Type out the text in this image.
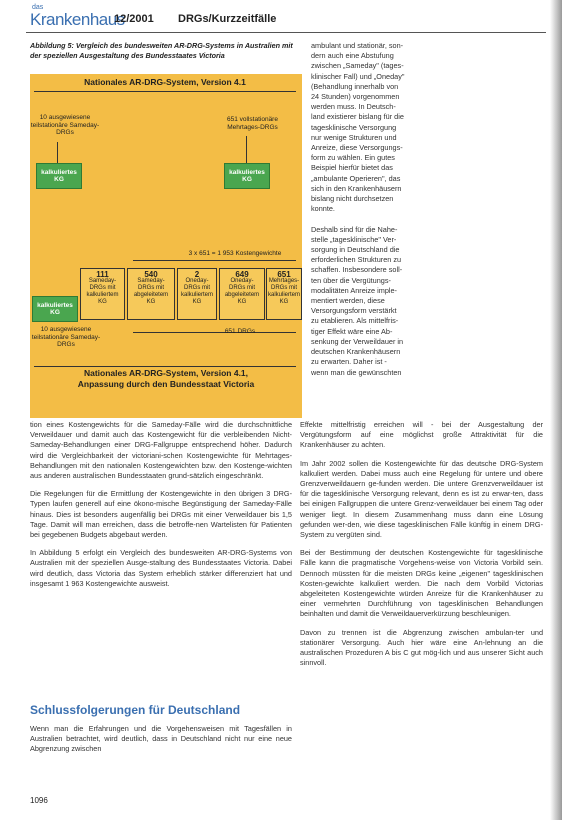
das
Krankenhaus
12/2001 DRGs/Kurzzeitfälle
Abbildung 5: Vergleich des bundesweiten AR-DRG-Systems in Australien mit der speziellen Ausgestaltung des Bundesstaates Victoria
Nationales AR-DRG-System, Version 4.1
10 ausgewiesene teilstationäre Sameday-DRGs
651 vollstationäre Mehrtages-DRGs
kalkuliertes KG
kalkuliertes KG
3 x 651 = 1 953 Kostengewichte
111
Sameday-
DRGs mit
kalkuliertem
KG
540
Sameday-
DRGs mit
abgeleitetem
KG
2
Oneday-
DRGs mit
kalkuliertem
KG
649
Oneday-
DRGs mit
abgeleitetem
KG
651
Mehrtages-
DRGs mit
kalkuliertem
KG
kalkuliertes KG
10 ausgewiesene teilstationäre Sameday-DRGs
651 DRGs
Nationales AR-DRG-System, Version 4.1,
Anpassung durch den Bundesstaat Victoria
ambulant und stationär, son-
dern auch eine Abstufung
zwischen „Sameday" (tages-
klinischer Fall) und „Oneday"
(Behandlung innerhalb von
24 Stunden) vorgenommen
werden muss. In Deutsch-
land existierer bislang für die
tagesklinische Versorgung
nur wenige Strukturen und
Anreize, diese Versorgungs-
form zu wählen. Ein gutes
Beispiel hierfür bietet das
„ambulante Operieren", das
sich in den Krankenhäusern
bislang nicht durchsetzen
konnte.

Deshalb sind für die Nahe-
stelle „tagesklinische" Ver-
sorgung in Deutschland die
erforderlichen Strukturen zu
schaffen. Insbesondere soll-
ten über die Vergütungs-
modalitäten Anreize imple-
mentiert werden, diese
Versorgungsform verstärkt
zu etablieren. Als mittelfris-
tiger Effekt wäre eine Ab-
senkung der Verweildauer in
deutschen Krankenhäusern
zu erwarten. Daher ist -
wenn man die gewünschten

tion eines Kostengewichts für die Sameday-Fälle wird die durchschnittliche Verweildauer und damit auch das Kostengewicht für die verbleibenden Nicht-Sameday-Behandlungen einer DRG-Fallgruppe entsprechend höher. Dadurch wird die Vergleichbarkeit der victoriani-schen Kostengewichte für Mehrtages-Behandlungen mit den nationalen Kostengewichten bzw. den Kostenge-wichten aus anderen australischen Bundesstaaten grund-sätzlich eingeschränkt.

Die Regelungen für die Ermittlung der Kostengewichte in den übrigen 3 DRG-Typen laufen generell auf eine ökono-mische Begünstigung der Sameday-Fälle hinaus. Dies ist besonders augenfällig bei DRGs mit einer Verweildauer bis 1,5 Tage. Damit will man erreichen, dass die betroffe-nen Wartelisten für Patienten bei gegebenen Budgets abgebaut werden.

In Abbildung 5 erfolgt ein Vergleich des bundesweiten AR-DRG-Systems von Australien mit der speziellen Ausge-staltung des Bundesstaates Victoria. Dabei wird deutlich, dass Victoria das System erheblich stärker differenziert hat und insgesamt 1 963 Kostengewichte ausweist.

Schlussfolgerungen für Deutschland

Wenn man die Erfahrungen und die Vorgehensweisen mit Tagesfällen in Australien betrachtet, wird deutlich, dass in Deutschland nicht nur eine neue Abgrenzung zwischen

Effekte mittelfristig erreichen will - bei der Ausgestaltung der Vergütungsform auf eine möglichst große Attraktivität für die Krankenhäuser zu achten.

Im Jahr 2002 sollen die Kostengewichte für das deutsche DRG-System kalkuliert werden. Dabei muss auch eine Regelung für untere und obere Grenzverweildauern ge-funden werden. Die untere Grenzverweildauer ist für die tagesklinische Versorgung relevant, denn es ist zu erwar-ten, dass bei einigen Fallgruppen die untere Grenz-verweildauer bei einem Tag oder weniger liegt. In diesem Zusammenhang muss dann eine Lösung gefunden wer-den, wie diese tagesklinischen Fälle künftig in einem DRG-System zu vergüten sind.

Bei der Bestimmung der deutschen Kostengewichte für tagesklinische Fälle kann die pragmatische Vorgehens-weise von Victoria Vorbild sein. Dennoch müssten für die meisten DRGs keine „eigenen" tagesklinischen Kosten-gewichte kalkuliert werden. Die nach dem Vorbild Victorias abgeleiteten Kostengewichte würden Anreize für die Krankenhäuser zu einer vermehrten Durchführung von tagesklinischen Behandlungen beinhalten und damit die Verweildauerverkürzung beschleunigen.

Davon zu trennen ist die Abgrenzung zwischen ambulan-ter und stationärer Versorgung. Auch hier wäre eine An-lehnung an die australischen Prozeduren A bis C gut mög-lich und aus unserer Sicht auch sinnvoll.

1096
